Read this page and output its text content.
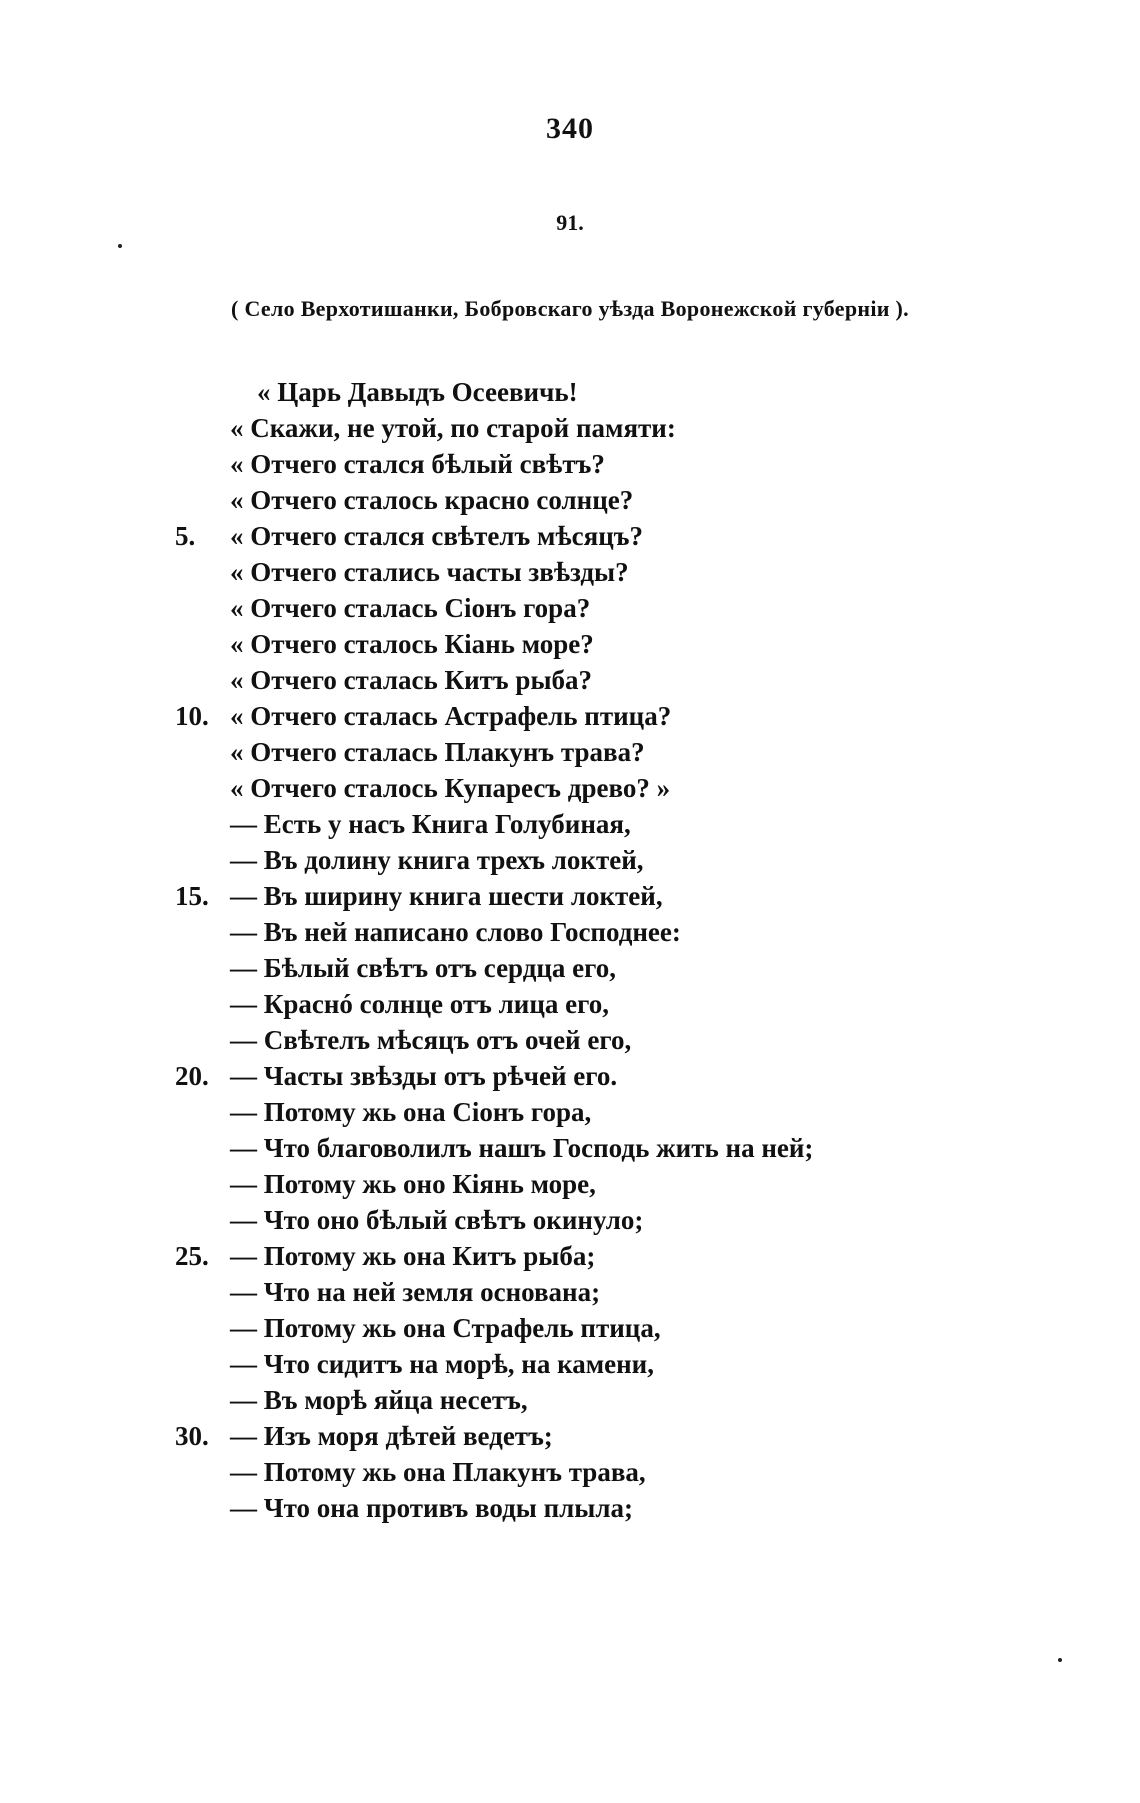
340
91.
( Село Верхотишанки, Бобровскаго уѣзда Воронежской губерніи ).
« Царь Давыдъ Осеевичь!
« Скажи, не утой, по старой памяти:
« Отчего стался бѣлый свѣтъ?
« Отчего сталось красно солнце?
5. « Отчего стался свѣтелъ мѣсяцъ?
« Отчего стались часты звѣзды?
« Отчего сталась Сіонъ гора?
« Отчего сталось Кіань море?
« Отчего сталась Китъ рыба?
10. « Отчего сталась Астрафель птица?
« Отчего сталась Плакунъ трава?
« Отчего сталось Купаресъ древо? »
— Есть у насъ Книга Голубиная,
— Въ долину книга трехъ локтей,
15. — Въ ширину книга шести локтей,
— Въ ней написано слово Господнее:
— Бѣлый свѣтъ отъ сердца его,
— Краснó солнце отъ лица его,
— Свѣтелъ мѣсяцъ отъ очей его,
20. — Часты звѣзды отъ рѣчей его.
— Потому жь она Сіонъ гора,
— Что благоволилъ нашъ Господь жить на ней;
— Потому жь оно Кіянь море,
— Что оно бѣлый свѣтъ окинуло;
25. — Потому жь она Китъ рыба;
— Что на ней земля основана;
— Потому жь она Страфель птица,
— Что сидитъ на морѣ, на камени,
— Въ морѣ яйца несетъ,
30. — Изъ моря дѣтей ведетъ;
— Потому жь она Плакунъ трава,
— Что она противъ воды плыла;
